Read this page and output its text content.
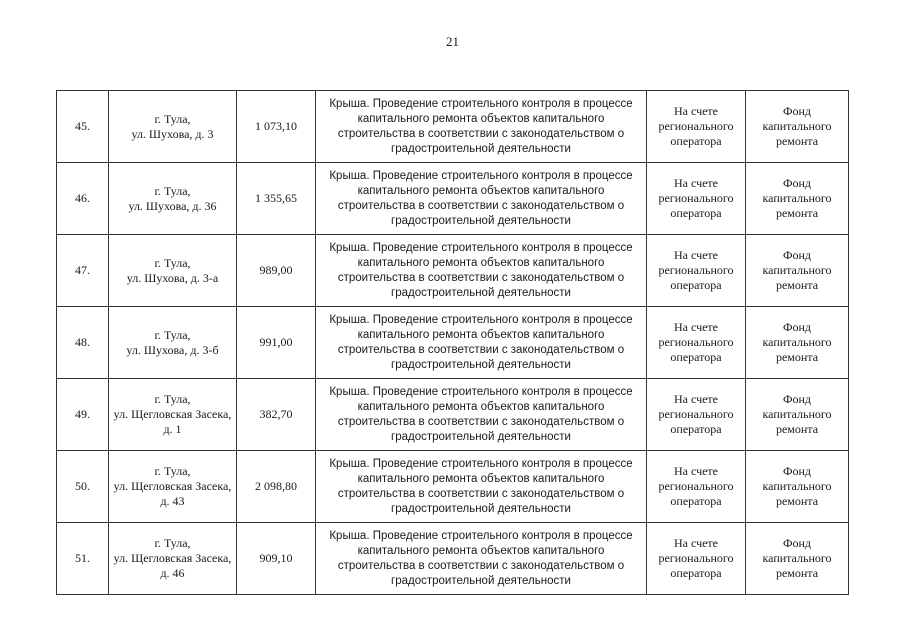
21
45.	г. Тула,
ул. Шухова, д. 3	1 073,10	Крыша. Проведение строительного контроля в процессе
капитального ремонта объектов капитального
строительства в соответствии с законодательством о
градостроительной деятельности	На счете
регионального
оператора	Фонд
капитального
ремонта

46.	г. Тула,
ул. Шухова, д. 36	1 355,65	Крыша. Проведение строительного контроля в процессе
капитального ремонта объектов капитального
строительства в соответствии с законодательством о
градостроительной деятельности	На счете
регионального
оператора	Фонд
капитального
ремонта

47.	г. Тула,
ул. Шухова, д. 3-а	989,00	Крыша. Проведение строительного контроля в процессе
капитального ремонта объектов капитального
строительства в соответствии с законодательством о
градостроительной деятельности	На счете
регионального
оператора	Фонд
капитального
ремонта

48.	г. Тула,
ул. Шухова, д. 3-б	991,00	Крыша. Проведение строительного контроля в процессе
капитального ремонта объектов капитального
строительства в соответствии с законодательством о
градостроительной деятельности	На счете
регионального
оператора	Фонд
капитального
ремонта

49.	г. Тула,
ул. Щегловская Засека,
д. 1	382,70	Крыша. Проведение строительного контроля в процессе
капитального ремонта объектов капитального
строительства в соответствии с законодательством о
градостроительной деятельности	На счете
регионального
оператора	Фонд
капитального
ремонта

50.	г. Тула,
ул. Щегловская Засека,
д. 43	2 098,80	Крыша. Проведение строительного контроля в процессе
капитального ремонта объектов капитального
строительства в соответствии с законодательством о
градостроительной деятельности	На счете
регионального
оператора	Фонд
капитального
ремонта

51.	г. Тула,
ул. Щегловская Засека,
д. 46	909,10	Крыша. Проведение строительного контроля в процессе
капитального ремонта объектов капитального
строительства в соответствии с законодательством о
градостроительной деятельности	На счете
регионального
оператора	Фонд
капитального
ремонта
